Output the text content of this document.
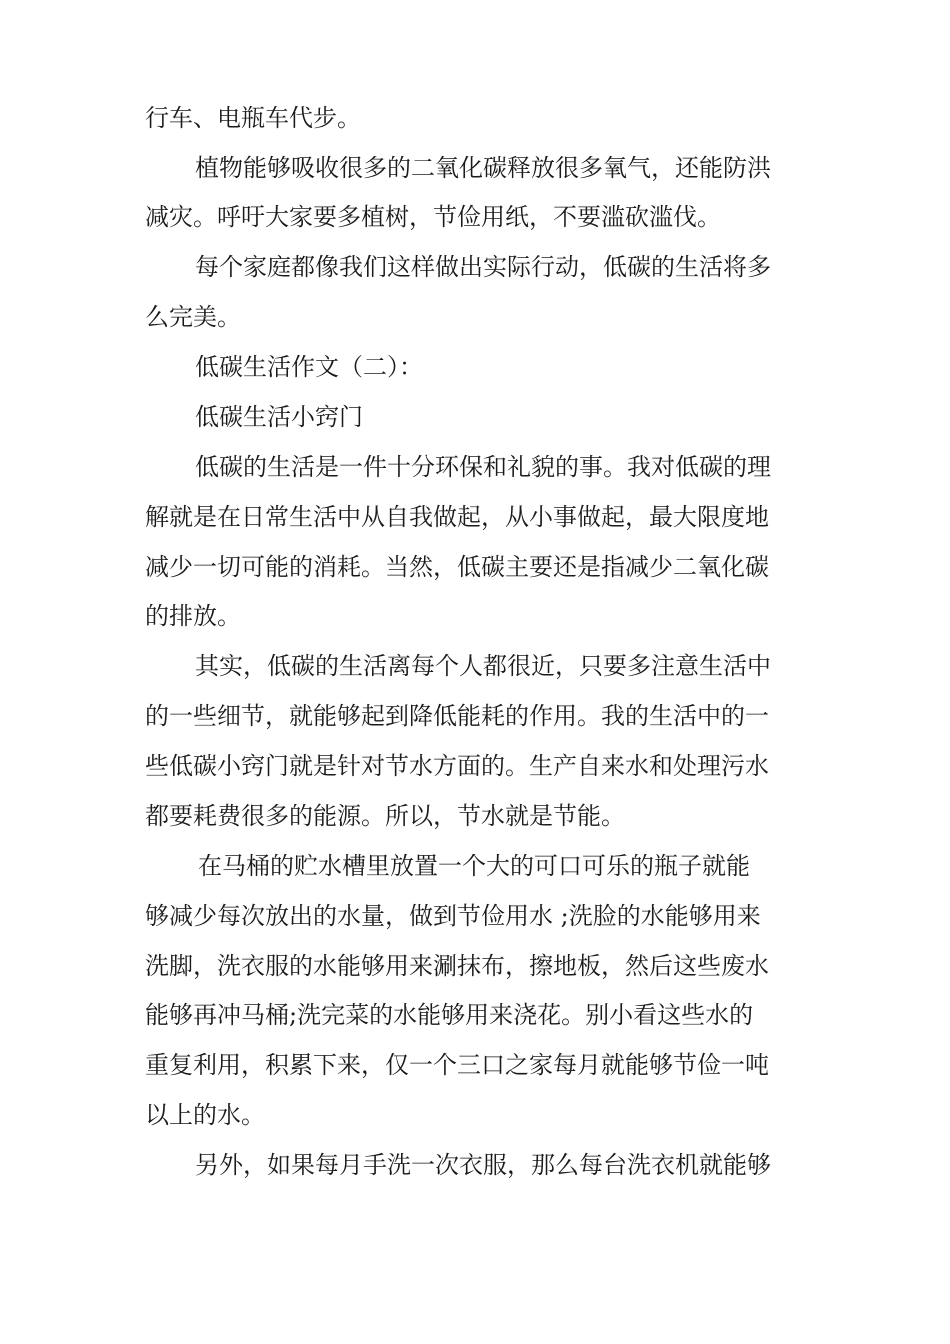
行车、电瓶车代步。

植物能够吸收很多的二氧化碳释放很多氧气，还能防洪

减灾。呼吁大家要多植树，节俭用纸，不要滥砍滥伐。

每个家庭都像我们这样做出实际行动，低碳的生活将多

么完美。

低碳生活作文（二）：

低碳生活小窍门

低碳的生活是一件十分环保和礼貌的事。我对低碳的理

解就是在日常生活中从自我做起，从小事做起，最大限度地

减少一切可能的消耗。当然，低碳主要还是指减少二氧化碳

的排放。

其实，低碳的生活离每个人都很近，只要多注意生活中

的一些细节，就能够起到降低能耗的作用。我的生活中的一

些低碳小窍门就是针对节水方面的。生产自来水和处理污水

都要耗费很多的能源。所以，节水就是节能。

在马桶的贮水槽里放置一个大的可口可乐的瓶子就能

够减少每次放出的水量，做到节俭用水 ;洗脸的水能够用来

洗脚，洗衣服的水能够用来涮抹布，擦地板，然后这些废水

能够再冲马桶;洗完菜的水能够用来浇花。别小看这些水的

重复利用，积累下来，仅一个三口之家每月就能够节俭一吨

以上的水。

另外，如果每月手洗一次衣服，那么每台洗衣机就能够
